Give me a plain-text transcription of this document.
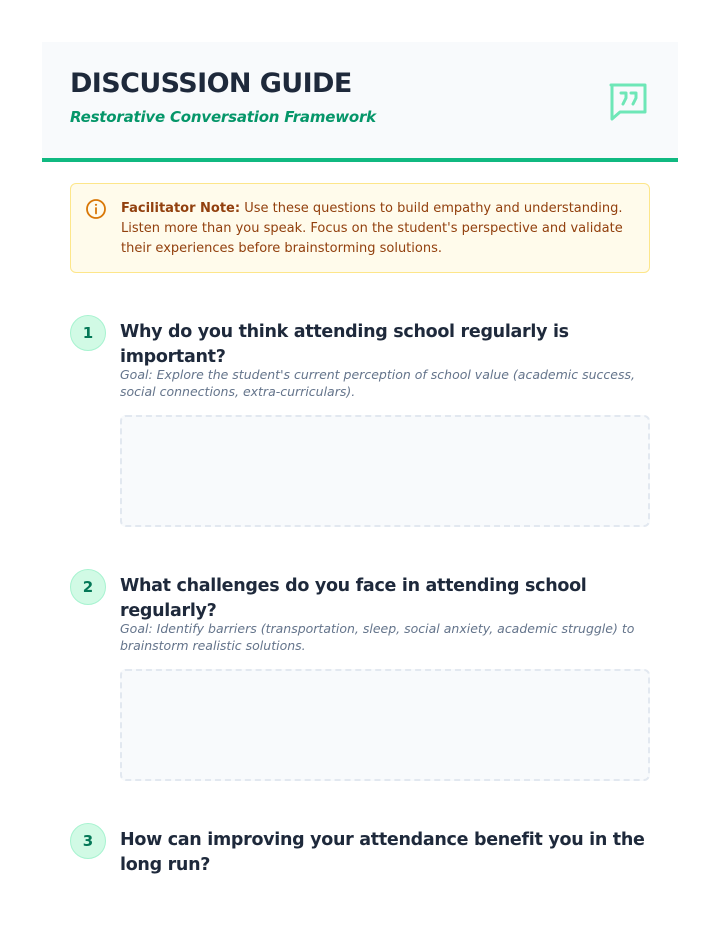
DISCUSSION GUIDE
Restorative Conversation Framework
Facilitator Note: Use these questions to build empathy and understanding. Listen more than you speak. Focus on the student's perspective and validate their experiences before brainstorming solutions.
1	Why do you think attending school regularly is important?
Goal: Explore the student's current perception of school value (academic success, social connections, extra-curriculars).
2	What challenges do you face in attending school regularly?
Goal: Identify barriers (transportation, sleep, social anxiety, academic struggle) to brainstorm realistic solutions.
3	How can improving your attendance benefit you in the long run?
